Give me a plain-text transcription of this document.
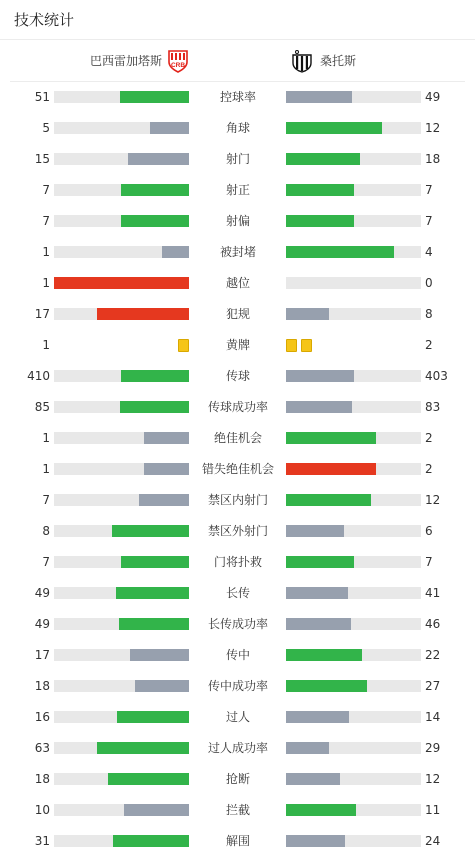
技术统计
巴西雷加塔斯 CRB	桑托斯
51	控球率	49
5	角球	12
15	射门	18
7	射正	7
7	射偏	7
1	被封堵	4
1	越位	0
17	犯规	8
1	黄牌	2
410	传球	403
85	传球成功率	83
1	绝佳机会	2
1	错失绝佳机会	2
7	禁区内射门	12
8	禁区外射门	6
7	门将扑救	7
49	长传	41
49	长传成功率	46
17	传中	22
18	传中成功率	27
16	过人	14
63	过人成功率	29
18	抢断	12
10	拦截	11
31	解围	24
